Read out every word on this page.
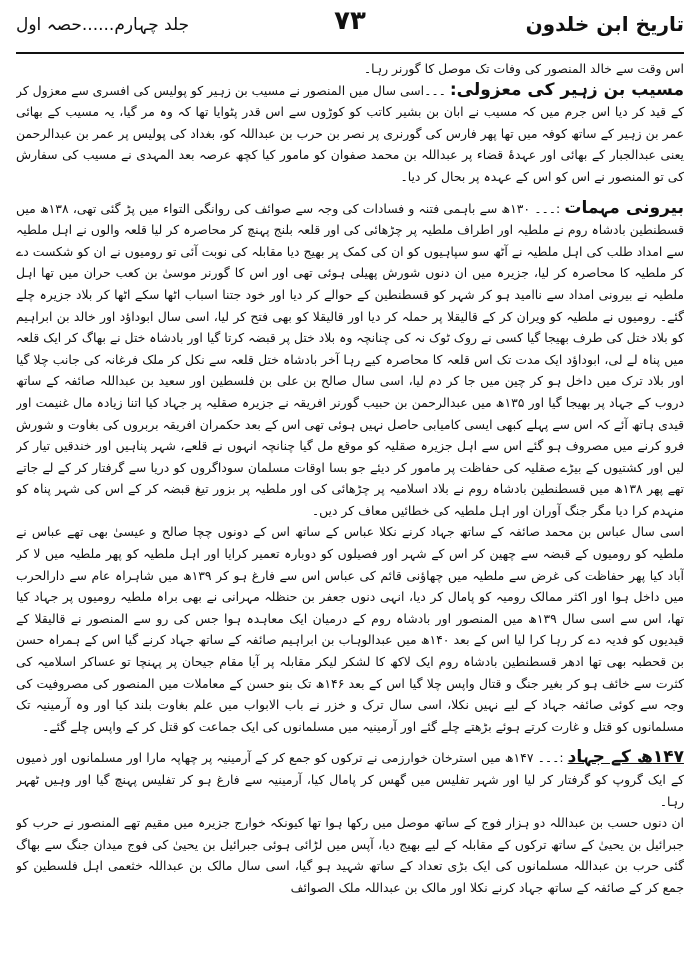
تاریخ ابن خلدون
۷۳
جلد چہارم......حصہ اول

اس وقت سے خالد المنصور کی وفات تک موصل کا گورنر رہا۔

مسیب بن زہیر کی معزولی: ۔۔۔اسی سال میں المنصور نے مسیب بن زہیر کو پولیس کی افسری سے معزول کر کے قید کر دیا اس جرم میں کہ مسیب نے ابان بن بشیر کاتب کو کوڑوں سے اس قدر پٹوایا تھا کہ وہ مر گیا، یہ مسیب کے بھائی عمر بن زہیر کے ساتھ کوفہ میں تھا پھر فارس کی گورنری پر نصر بن حرب بن عبداللہ کو، بغداد کی پولیس پر عمر بن عبدالرحمن یعنی عبدالجبار کے بھائی اور عہدۂ قضاء پر عبداللہ بن محمد صفوان کو مامور کیا کچھ عرصہ بعد المہدی نے مسیب کی سفارش کی تو المنصور نے اس کو اس کے عہدہ پر بحال کر دیا۔

بیرونی مہمات :۔۔۔ ۱۳۰ھ سے باہمی فتنہ و فسادات کی وجہ سے صوائف کی روانگی التواء میں پڑ گئی تھی، ۱۳۸ھ میں قسطنطین بادشاہ روم نے ملطیہ اور اطراف ملطیہ پر چڑھائی کی اور قلعہ بلنج پہنچ کر محاصرہ کر لیا قلعہ والوں نے اہل ملطیہ سے امداد طلب کی اہل ملطیہ نے آٹھ سو سپاہیوں کو ان کی کمک پر بھیج دیا مقابلہ کی نوبت آئی تو رومیوں نے ان کو شکست دے کر ملطیہ کا محاصرہ کر لیا، جزیرہ میں ان دنوں شورش پھیلی ہوئی تھی اور اس کا گورنر موسیٰ بن کعب حران میں تھا اہل ملطیہ نے بیرونی امداد سے ناامید ہو کر شہر کو قسطنطین کے حوالے کر دیا اور خود جتنا اسباب اٹھا سکے اٹھا کر بلاد جزیرہ چلے گئے۔ رومیوں نے ملطیہ کو ویران کر کے قالیقلا پر حملہ کر دیا اور قالیقلا کو بھی فتح کر لیا، اسی سال ابوداؤد اور خالد بن ابراہیم کو بلاد ختل کی طرف بھیجا گیا کسی نے روک ٹوک نہ کی چنانچہ وہ بلاد ختل پر قبضہ کرتا گیا اور بادشاہ ختل نے بھاگ کر ایک قلعہ میں پناہ لے لی، ابوداؤد ایک مدت تک اس قلعہ کا محاصرہ کیے رہا آخر بادشاہ ختل قلعہ سے نکل کر ملک فرغانہ کی جانب چلا گیا اور بلاد ترک میں داخل ہو کر چین میں جا کر دم لیا، اسی سال صالح بن علی بن فلسطین اور سعید بن عبداللہ صائفہ کے ساتھ دروب کے جہاد پر بھیجا گیا اور ۱۳۵ھ میں عبدالرحمن بن حبیب گورنر افریقہ نے جزیرہ صقلیہ پر جہاد کیا اتنا زیادہ مال غنیمت اور قیدی ہاتھ آئے کہ اس سے پہلے کبھی ایسی کامیابی حاصل نہیں ہوئی تھی اس کے بعد حکمران افریقہ بربروں کی بغاوت و شورش فرو کرنے میں مصروف ہو گئے اس سے اہل جزیرہ صقلیہ کو موقع مل گیا چنانچہ انہوں نے قلعے، شہر پناہیں اور خندقیں تیار کر لیں اور کشتیوں کے بیڑے صقلیہ کی حفاظت پر مامور کر دیئے جو بسا اوقات مسلمان سوداگروں کو دریا سے گرفتار کر کے لے جاتے تھے پھر ۱۳۸ھ میں قسطنطین بادشاہ روم نے بلاد اسلامیہ پر چڑھائی کی اور ملطیہ پر بزور تیغ قبضہ کر کے اس کی شہر پناہ کو منہدم کرا دیا مگر جنگ آوران اور اہل ملطیہ کی خطائیں معاف کر دیں۔

اسی سال عباس بن محمد صائفہ کے ساتھ جہاد کرنے نکلا عباس کے ساتھ اس کے دونوں چچا صالح و عیسیٰ بھی تھے عباس نے ملطیہ کو رومیوں کے قبضہ سے چھین کر اس کے شہر اور فصیلوں کو دوبارہ تعمیر کرایا اور اہل ملطیہ کو پھر ملطیہ میں لا کر آباد کیا پھر حفاظت کی غرض سے ملطیہ میں چھاؤنی قائم کی عباس اس سے فارغ ہو کر ۱۳۹ھ میں شاہراہ عام سے دارالحرب میں داخل ہوا اور اکثر ممالک رومیہ کو پامال کر دیا، انہی دنوں جعفر بن حنظلہ مہرانی نے بھی براہ ملطیہ رومیوں پر جہاد کیا تھا، اس سے اسی سال ۱۳۹ھ میں المنصور اور بادشاہ روم کے درمیان ایک معاہدہ ہوا جس کی رو سے المنصور نے قالیقلا کے قیدیوں کو فدیہ دے کر رہا کرا لیا اس کے بعد ۱۴۰ھ میں عبدالوہاب بن ابراہیم صائفہ کے ساتھ جہاد کرنے گیا اس کے ہمراہ حسن بن قحطبہ بھی تھا ادھر قسطنطین بادشاہ روم ایک لاکھ کا لشکر لیکر مقابلہ پر آیا مقام جیحان پر پہنچا تو عساکر اسلامیہ کی کثرت سے خائف ہو کر بغیر جنگ و قتال واپس چلا گیا اس کے بعد ۱۴۶ھ تک بنو حسن کے معاملات میں المنصور کی مصروفیت کی وجہ سے کوئی صائفہ جہاد کے لیے نہیں نکلا، اسی سال ترک و خزر نے باب الابواب میں علم بغاوت بلند کیا اور وہ آرمینیہ تک مسلمانوں کو قتل و غارت کرتے ہوئے بڑھتے چلے گئے اور آرمینیہ میں مسلمانوں کی ایک جماعت کو قتل کر کے واپس چلے گئے۔

۱۴۷ھ کے جہاد :۔۔۔ ۱۴۷ھ میں استرخان خوارزمی نے ترکوں کو جمع کر کے آرمینیہ پر چھاپہ مارا اور مسلمانوں اور ذمیوں کے ایک گروپ کو گرفتار کر لیا اور شہر تفلیس میں گھس کر پامال کیا، آرمینیہ سے فارغ ہو کر تفلیس پہنچ گیا اور وہیں ٹھہر رہا۔

ان دنوں حسب بن عبداللہ دو ہزار فوج کے ساتھ موصل میں رکھا ہوا تھا کیونکہ خوارج جزیرہ میں مقیم تھے المنصور نے حرب کو جبرائیل بن یحییٰ کے ساتھ ترکوں کے مقابلہ کے لیے بھیج دیا، آپس میں لڑائی ہوئی جبرائیل بن یحییٰ کی فوج میدان جنگ سے بھاگ گئی حرب بن عبداللہ مسلمانوں کی ایک بڑی تعداد کے ساتھ شہید ہو گیا، اسی سال مالک بن عبداللہ خثعمی اہل فلسطین کو جمع کر کے صائفہ کے ساتھ جہاد کرنے نکلا اور مالک بن عبداللہ ملک الصوائف
